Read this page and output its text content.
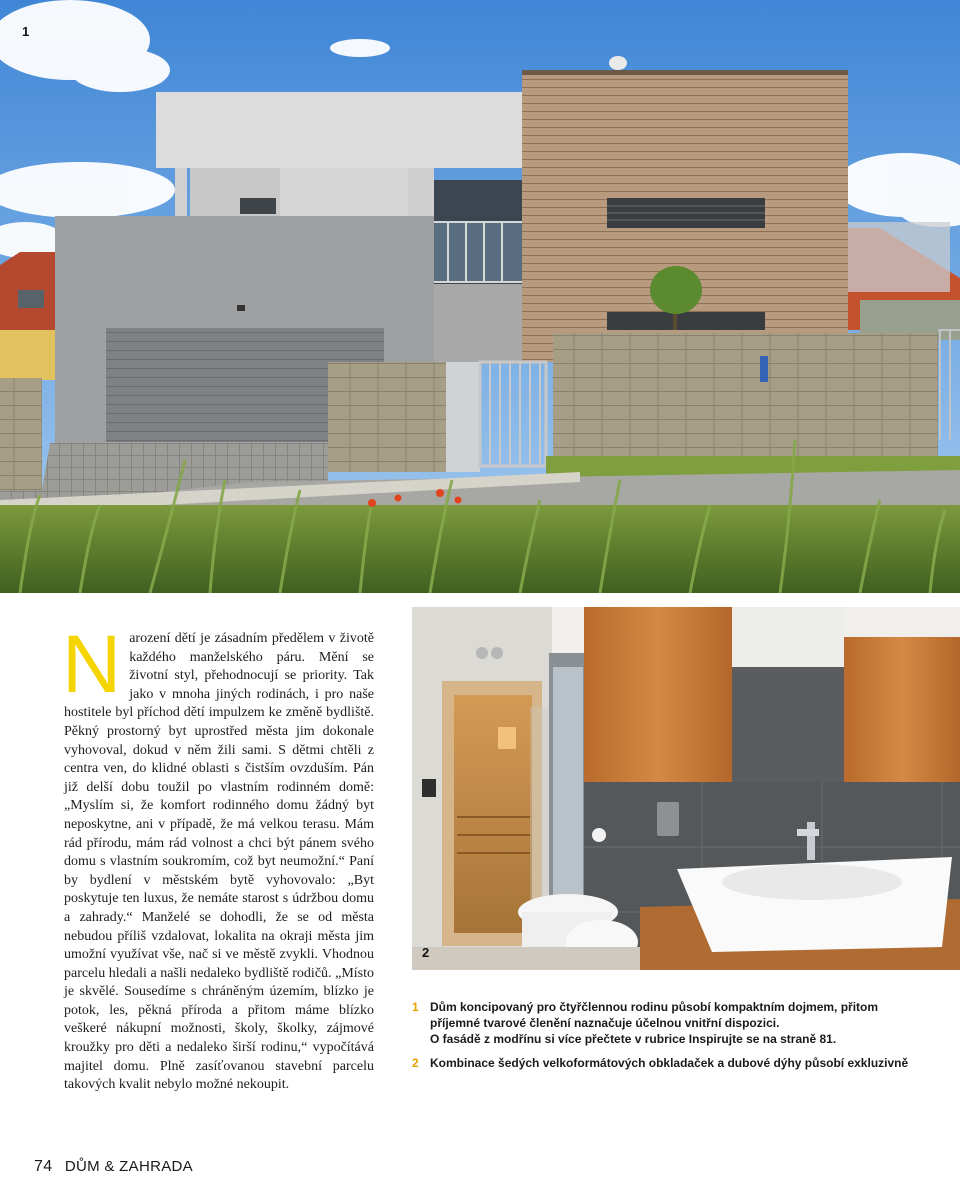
1
N arození dětí je zásadním předělem v životě každého manželského páru. Mění se životní styl, přehodnocují se priority. Tak jako v mnoha jiných rodinách, i pro naše hostitele byl příchod dětí impulzem ke změně bydliště. Pěkný prostorný byt uprostřed města jim dokonale vyhovoval, dokud v něm žili sami. S dětmi chtěli z centra ven, do klidné oblasti s čistším ovzduším. Pán již delší dobu toužil po vlastním rodinném domě: „Myslím si, že komfort rodinného domu žádný byt neposkytne, ani v případě, že má velkou terasu. Mám rád přírodu, mám rád volnost a chci být pánem svého domu s vlastním soukromím, což byt neumožní.“ Paní by bydlení v městském bytě vyhovovalo: „Byt poskytuje ten luxus, že nemáte starost s údržbou domu a zahrady.“ Manželé se dohodli, že se od města nebudou příliš vzdalovat, lokalita na okraji města jim umožní využívat vše, nač si ve městě zvykli. Vhodnou parcelu hledali a našli nedaleko bydliště rodičů. „Místo je skvělé. Sousedíme s chráněným územím, blízko je potok, les, pěkná příroda a přitom máme blízko veškeré nákupní možnosti, školy, školky, zájmové kroužky pro děti a nedaleko širší rodinu,“ vypočítává majitel domu. Plně zasíťovanou stavební parcelu takových kvalit nebylo možné nekoupit.

2
1 Dům koncipovaný pro čtyřčlennou rodinu působí kompaktním dojmem, přitom
příjemné tvarové členění naznačuje účelnou vnitřní dispozici.
O fasádě z modřínu si více přečtete v rubrice Inspirujte se na straně 81.
2 Kombinace šedých velkoformátových obkladaček a dubové dýhy působí exkluzivně
74 DŮM & ZAHRADA
